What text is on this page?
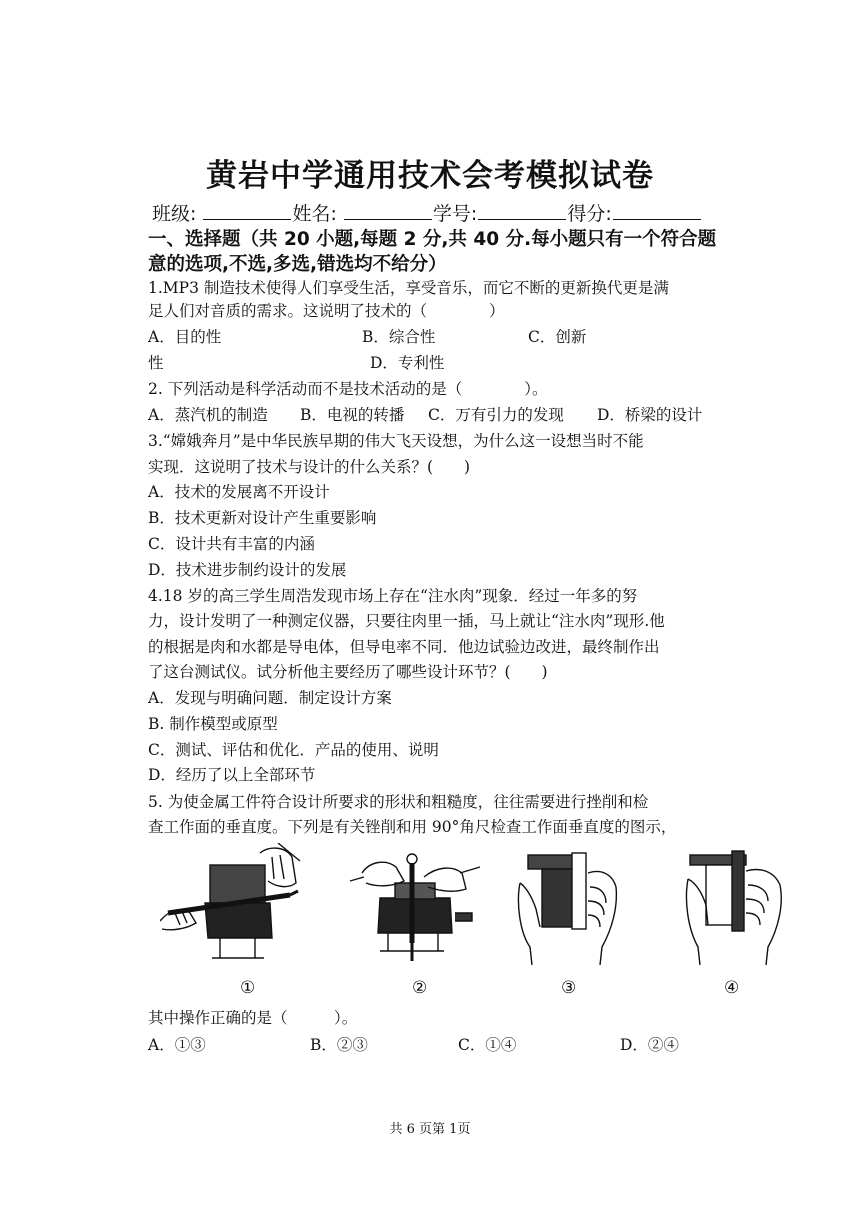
黄岩中学通用技术会考模拟试卷
班级:	姓名:	学号:	得分:
一、选择题（共 20 小题,每题 2 分,共 40 分.每小题只有一个符合题
意的选项,不选,多选,错选均不给分）
1.MP3 制造技术使得人们享受生活，享受音乐，而它不断的更新换代更是满
足人们对音质的需求。这说明了技术的（　　　　）
A．目的性	B．综合性	C．创新
性	D．专利性
2. 下列活动是科学活动而不是技术活动的是（　　　　）。
A．蒸汽机的制造 B．电视的转播 C．万有引力的发现 D．桥梁的设计
3.“嫦娥奔月”是中华民族早期的伟大飞天设想，为什么这一设想当时不能
实现．这说明了技术与设计的什么关系？(　　)
A．技术的发展离不开设计
B．技术更新对设计产生重要影响
C．设计共有丰富的内涵
D．技术进步制约设计的发展
4.18 岁的高三学生周浩发现市场上存在“注水肉”现象．经过一年多的努
力，设计发明了一种测定仪器，只要往肉里一插，马上就让“注水肉”现形.他
的根据是肉和水都是导电体，但导电率不同．他边试验边改进，最终制作出
了这台测试仪。试分析他主要经历了哪些设计环节？(　　)
A．发现与明确问题．制定设计方案
B. 制作模型或原型
C．测试、评估和优化．产品的使用、说明
D．经历了以上全部环节
5. 为使金属工件符合设计所要求的形状和粗糙度，往往需要进行挫削和检
查工作面的垂直度。下列是有关锉削和用 90°角尺检查工作面垂直度的图示，
①	②	③	④
其中操作正确的是（　　　）。
A．①③	B．②③	C．①④	D．②④
共 6 页第 1页
